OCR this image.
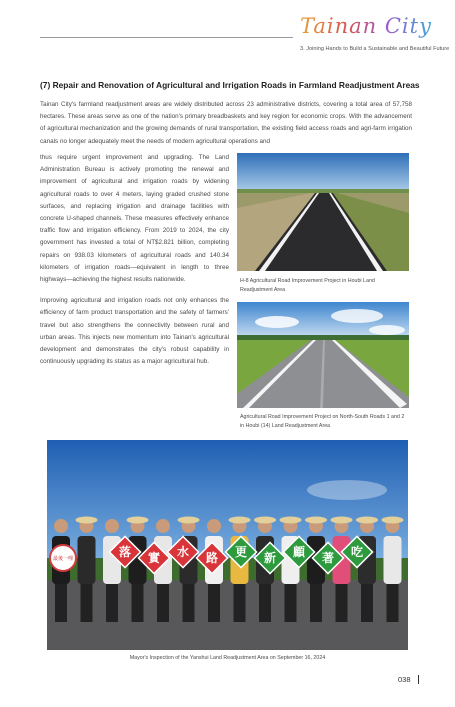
Tainan City
3. Joining Hands to Build a Sustainable and Beautiful Future
(7) Repair and Renovation of Agricultural and Irrigation Roads in Farmland Readjustment Areas

Tainan City's farmland readjustment areas are widely distributed across 23 administrative districts, covering a total area of 57,758 hectares. These areas serve as one of the nation's primary breadbaskets and key region for economic crops. With the advancement of agricultural mechanization and the growing demands of rural transportation, the existing field access roads and agri-farm irrigation canals no longer adequately meet the needs of modern agricultural operations and

thus require urgent improvement and upgrading. The Land Administration Bureau is actively promoting the renewal and improvement of agricultural and irrigation roads by widening agricultural roads to over 4 meters, laying graded crushed stone surfaces, and replacing irrigation and drainage facilities with concrete U-shaped channels. These measures effectively enhance traffic flow and irrigation efficiency. From 2019 to 2024, the city government has invested a total of NT$2.821 billion, completing repairs on 938.03 kilometers of agricultural roads and 140.34 kilometers of irrigation roads—equivalent in length to three highways—achieving the highest results nationwide.

Improving agricultural and irrigation roads not only enhances the efficiency of farm product transportation and the safety of farmers' travel but also strengthens the connectivity between rural and urban areas. This injects new momentum into Tainan's agricultural development and demonstrates the city's robust capability in continuously upgrading its status as a major agricultural hub.

H-8 Agricultural Road Improvement Project in Houbi Land Readjustment Area
Agricultural Road Improvement Project on North-South Roads 1 and 2 in Houbi (14) Land Readjustment Area
最後一哩	落 實 水 路 更 新 顧 著 吃
Mayor's Inspection of the Yanshui Land Readjustment Area on September 16, 2024
038
